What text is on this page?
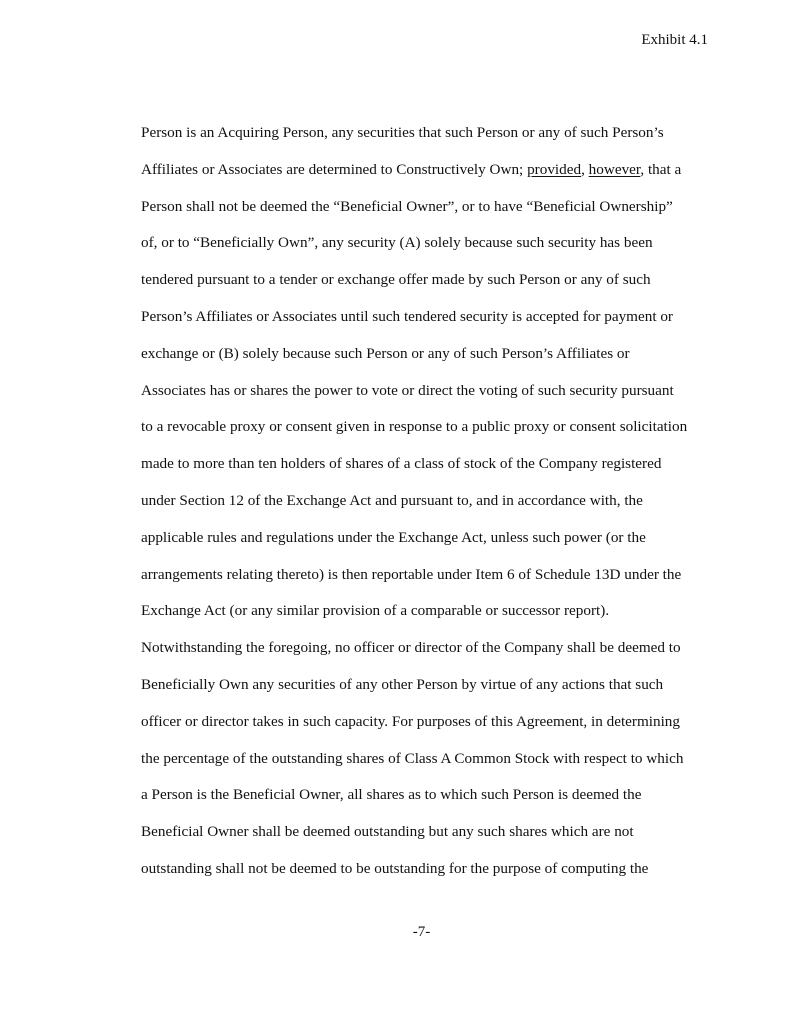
Exhibit 4.1
Person is an Acquiring Person, any securities that such Person or any of such Person’s
Affiliates or Associates are determined to Constructively Own; provided, however, that a
Person shall not be deemed the “Beneficial Owner”, or to have “Beneficial Ownership”
of, or to “Beneficially Own”, any security (A) solely because such security has been
tendered pursuant to a tender or exchange offer made by such Person or any of such
Person’s Affiliates or Associates until such tendered security is accepted for payment or
exchange or (B) solely because such Person or any of such Person’s Affiliates or
Associates has or shares the power to vote or direct the voting of such security pursuant
to a revocable proxy or consent given in response to a public proxy or consent solicitation
made to more than ten holders of shares of a class of stock of the Company registered
under Section 12 of the Exchange Act and pursuant to, and in accordance with, the
applicable rules and regulations under the Exchange Act, unless such power (or the
arrangements relating thereto) is then reportable under Item 6 of Schedule 13D under the
Exchange Act (or any similar provision of a comparable or successor report).
Notwithstanding the foregoing, no officer or director of the Company shall be deemed to
Beneficially Own any securities of any other Person by virtue of any actions that such
officer or director takes in such capacity. For purposes of this Agreement, in determining
the percentage of the outstanding shares of Class A Common Stock with respect to which
a Person is the Beneficial Owner, all shares as to which such Person is deemed the
Beneficial Owner shall be deemed outstanding but any such shares which are not
outstanding shall not be deemed to be outstanding for the purpose of computing the
-7-
